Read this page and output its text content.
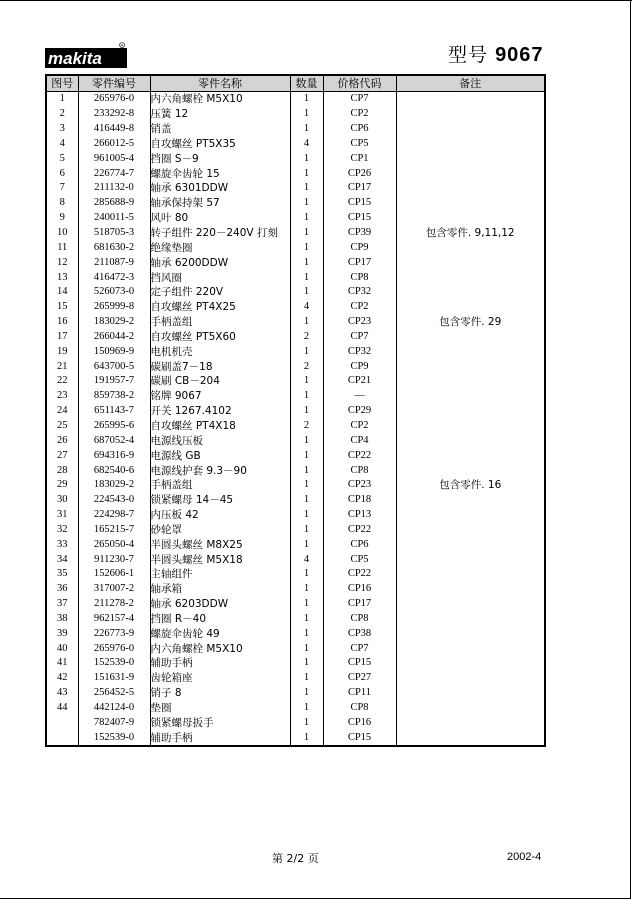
makita
R	型号 9067
图号	零件编号	零件名称	数量	价格代码	备注
1	265976-0	内六角螺栓 M5X10	1	CP7	
2	233292-8	压簧 12	1	CP2	
3	416449-8	销盖	1	CP6	
4	266012-5	自攻螺丝 PT5X35	4	CP5	
5	961005-4	挡圈 S－9	1	CP1	
6	226774-7	螺旋伞齿轮 15	1	CP26	
7	211132-0	轴承 6301DDW	1	CP17	
8	285688-9	轴承保持架 57	1	CP15	
9	240011-5	风叶 80	1	CP15	
10	518705-3	转子组件 220－240V 打刻	1	CP39	包含零件. 9,11,12
11	681630-2	绝缘垫圈	1	CP9	
12	211087-9	轴承 6200DDW	1	CP17	
13	416472-3	挡风圈	1	CP8	
14	526073-0	定子组件 220V	1	CP32	
15	265999-8	自攻螺丝 PT4X25	4	CP2	
16	183029-2	手柄盖组	1	CP23	包含零件. 29
17	266044-2	自攻螺丝 PT5X60	2	CP7	
19	150969-9	电机机壳	1	CP32	
21	643700-5	碳刷盖7－18	2	CP9	
22	191957-7	碳刷 CB－204	1	CP21	
23	859738-2	铭牌 9067	1	—	
24	651143-7	开关 1267.4102	1	CP29	
25	265995-6	自攻螺丝 PT4X18	2	CP2	
26	687052-4	电源线压板	1	CP4	
27	694316-9	电源线 GB	1	CP22	
28	682540-6	电源线护套 9.3－90	1	CP8	
29	183029-2	手柄盖组	1	CP23	包含零件. 16
30	224543-0	锁紧螺母 14－45	1	CP18	
31	224298-7	内压板 42	1	CP13	
32	165215-7	砂轮罩	1	CP22	
33	265050-4	半圆头螺丝 M8X25	1	CP6	
34	911230-7	半圆头螺丝 M5X18	4	CP5	
35	152606-1	主轴组件	1	CP22	
36	317007-2	轴承箱	1	CP16	
37	211278-2	轴承 6203DDW	1	CP17	
38	962157-4	挡圈 R－40	1	CP8	
39	226773-9	螺旋伞齿轮 49	1	CP38	
40	265976-0	内六角螺栓 M5X10	1	CP7	
41	152539-0	辅助手柄	1	CP15	
42	151631-9	齿轮箱座	1	CP27	
43	256452-5	销子 8	1	CP11	
44	442124-0	垫圈	1	CP8	
	782407-9	锁紧螺母扳手	1	CP16	
	152539-0	辅助手柄	1	CP15	
第 2/2 页	2002-4
